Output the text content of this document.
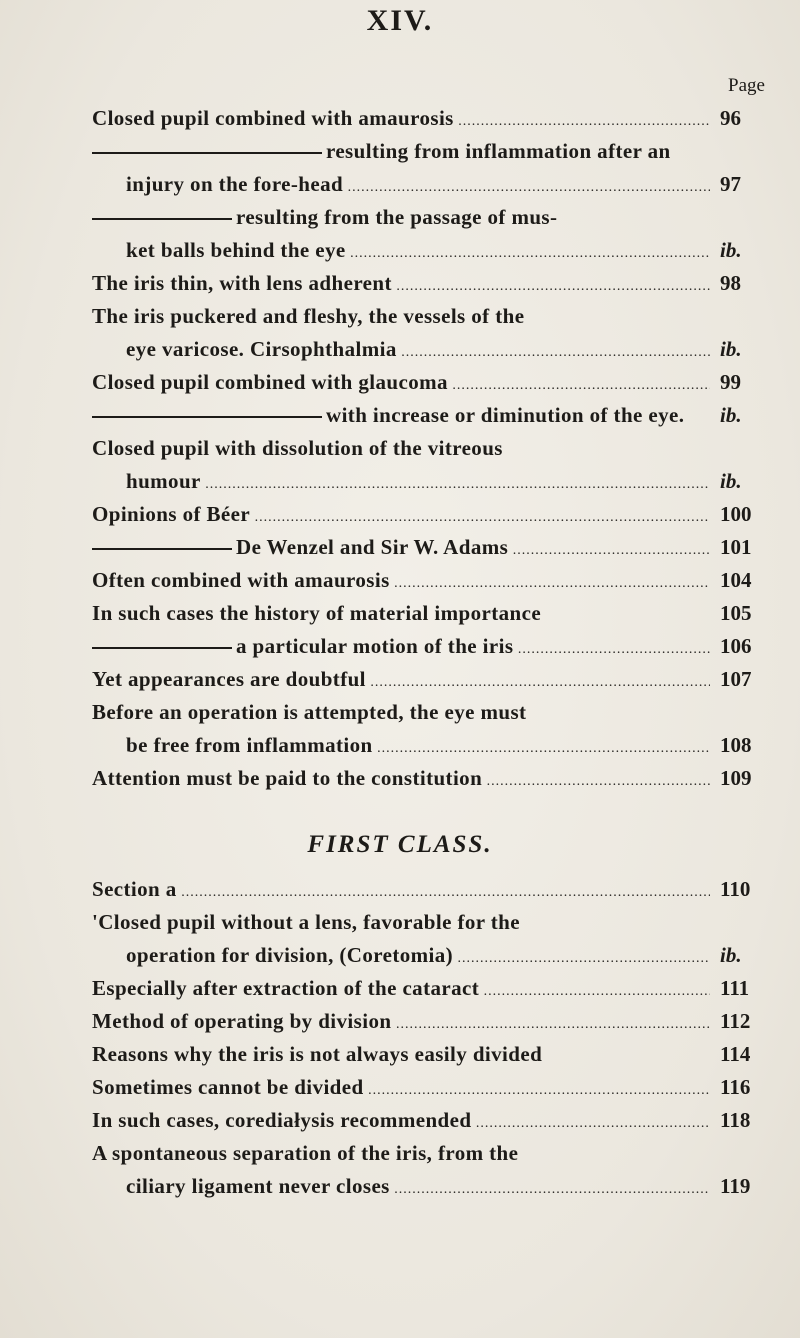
XIV.
Page
Closed pupil combined with amaurosis .....	96
resulting from inflammation after an
injury on the fore-head .....	97
resulting from the passage of mus-
ket balls behind the eye .....	ib.
The iris thin, with lens adherent .....	98
The iris puckered and fleshy, the vessels of the
eye varicose. Cirsophthalmia .....	ib.
Closed pupil combined with glaucoma .....	99
with increase or diminution of the eye.	ib.
Closed pupil with dissolution of the vitreous
humour .....	ib.
Opinions of Béer .....	100
De Wenzel and Sir W. Adams .....	101
Often combined with amaurosis .....	104
In such cases the history of material importance	105
a particular motion of the iris .....	106
Yet appearances are doubtful .....	107
Before an operation is attempted, the eye must
be free from inflammation .....	108
Attention must be paid to the constitution .....	109
FIRST CLASS.
Section a .....	110
'Closed pupil without a lens, favorable for the
operation for division, (Coretomia) .....	ib.
Especially after extraction of the cataract .....	111
Method of operating by division .....	112
Reasons why the iris is not always easily divided	114
Sometimes cannot be divided .....	116
In such cases, corediałysis recommended .....	118
A spontaneous separation of the iris, from the
ciliary ligament never closes .....	119
